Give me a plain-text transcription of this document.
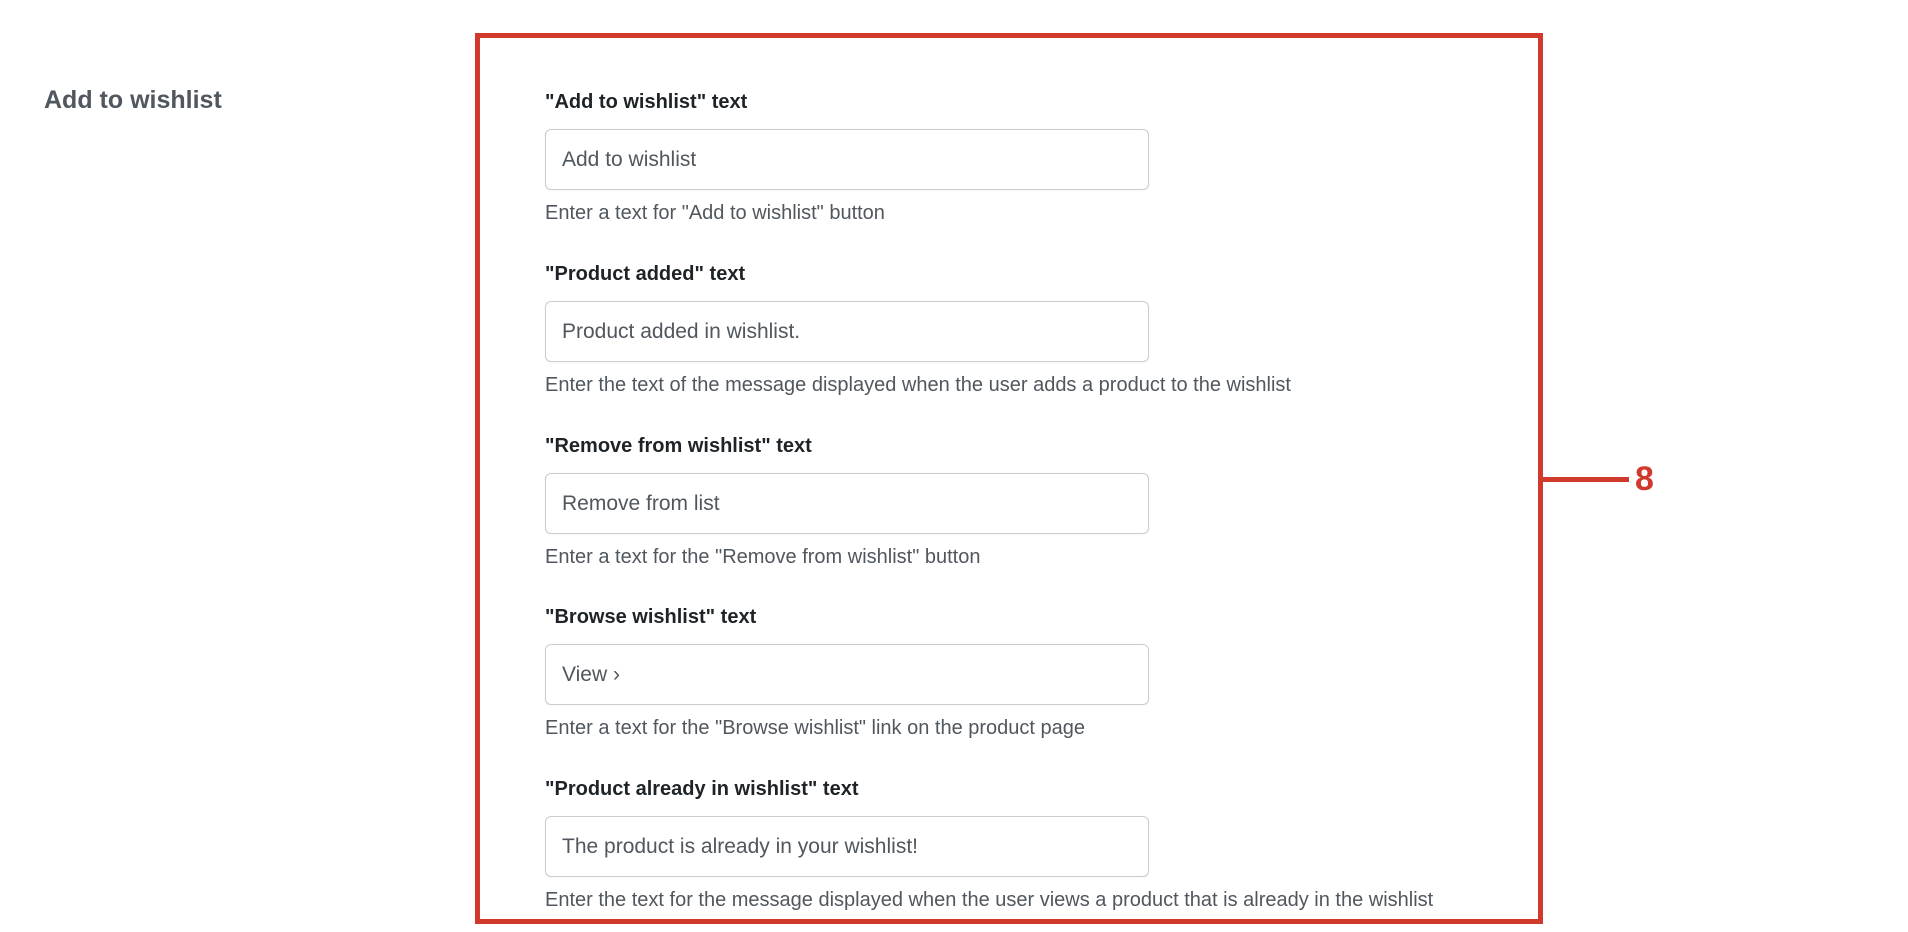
Add to wishlist
8
"Add to wishlist" text
Add to wishlist
Enter a text for "Add to wishlist" button
"Product added" text
Product added in wishlist.
Enter the text of the message displayed when the user adds a product to the wishlist
"Remove from wishlist" text
Remove from list
Enter a text for the "Remove from wishlist" button
"Browse wishlist" text
View ›
Enter a text for the "Browse wishlist" link on the product page
"Product already in wishlist" text
The product is already in your wishlist!
Enter the text for the message displayed when the user views a product that is already in the wishlist
